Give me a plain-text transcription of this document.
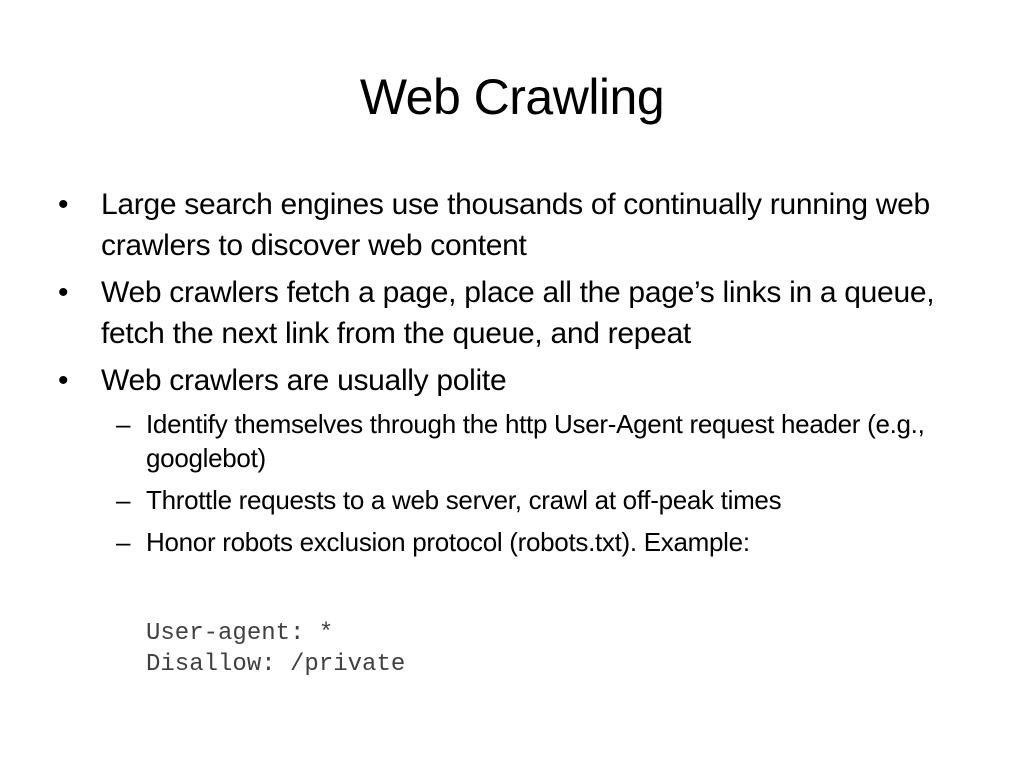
Web Crawling
•	Large search engines use thousands of continually running web crawlers to discover web content
•	Web crawlers fetch a page, place all the page’s links in a queue, fetch the next link from the queue, and repeat
•	Web crawlers are usually polite
– Identify themselves through the http User-Agent request header (e.g., googlebot)
– Throttle requests to a web server, crawl at off-peak times
– Honor robots exclusion protocol (robots.txt). Example:
User-agent: *
Disallow: /private
